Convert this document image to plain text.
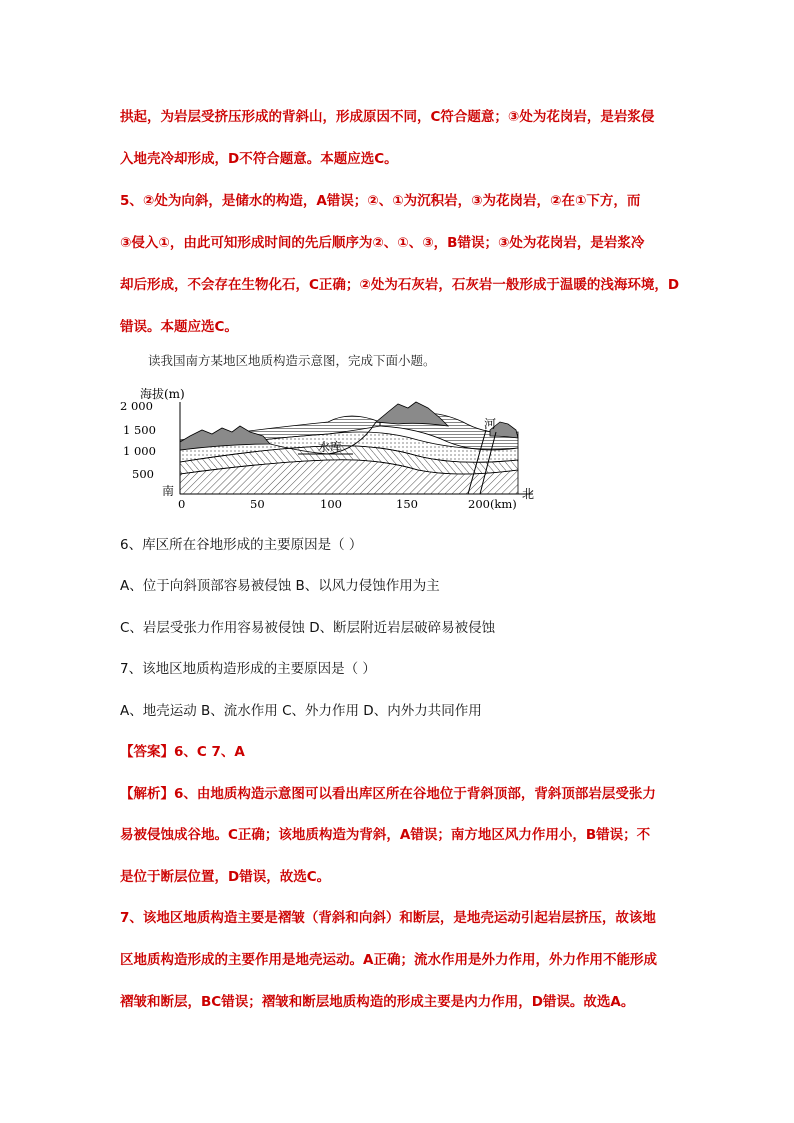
拱起，为岩层受挤压形成的背斜山，形成原因不同，C符合题意；③处为花岗岩，是岩浆侵

入地壳冷却形成，D不符合题意。本题应选C。

5、②处为向斜，是储水的构造，A错误；②、①为沉积岩，③为花岗岩，②在①下方，而

③侵入①，由此可知形成时间的先后顺序为②、①、③，B错误；③处为花岗岩，是岩浆冷

却后形成，不会存在生物化石，C正确；②处为石灰岩，石灰岩一般形成于温暖的浅海环境，D

错误。本题应选C。

读我国南方某地区地质构造示意图，完成下面小题。

海拔(m)
2 000
1 500
1 000
500
南
水库
河
北
0	50	100	150	200(km)

6、库区所在谷地形成的主要原因是（ ）

A、位于向斜顶部容易被侵蚀 B、以风力侵蚀作用为主

C、岩层受张力作用容易被侵蚀 D、断层附近岩层破碎易被侵蚀

7、该地区地质构造形成的主要原因是（ ）

A、地壳运动 B、流水作用 C、外力作用 D、内外力共同作用

【答案】6、C 7、A

【解析】6、由地质构造示意图可以看出库区所在谷地位于背斜顶部，背斜顶部岩层受张力

易被侵蚀成谷地。C正确；该地质构造为背斜，A错误；南方地区风力作用小，B错误；不

是位于断层位置，D错误，故选C。

7、该地区地质构造主要是褶皱（背斜和向斜）和断层，是地壳运动引起岩层挤压，故该地

区地质构造形成的主要作用是地壳运动。A正确；流水作用是外力作用，外力作用不能形成

褶皱和断层，BC错误；褶皱和断层地质构造的形成主要是内力作用，D错误。故选A。
